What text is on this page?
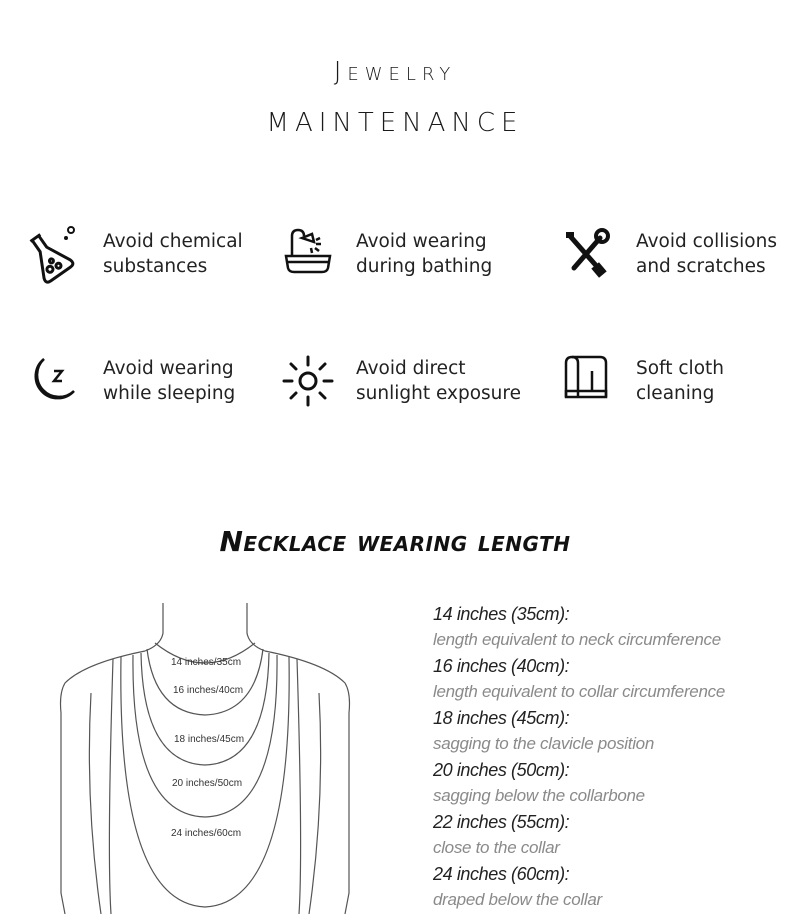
Jewelry
MAINTENANCE
Avoid chemical
substances
Avoid wearing
during bathing
Avoid collisions
and scratches
Avoid wearing
while sleeping
Avoid direct
sunlight exposure
Soft cloth
cleaning
Necklace wearing length
14 inches/35cm
16 inches/40cm
18 inches/45cm
20 inches/50cm
24 inches/60cm
14 inches (35cm):
length equivalent to neck circumference
16 inches (40cm):
length equivalent to collar circumference
18 inches (45cm):
sagging to the clavicle position
20 inches (50cm):
sagging below the collarbone
22 inches (55cm):
close to the collar
24 inches (60cm):
draped below the collar
